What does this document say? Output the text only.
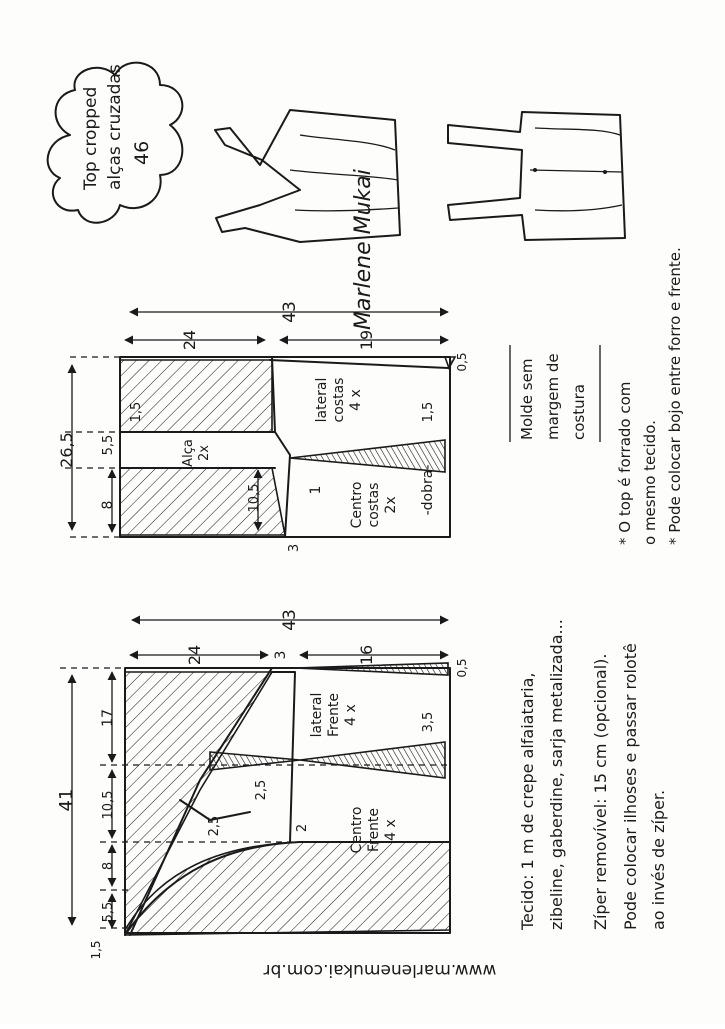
Top cropped alças cruzadas 46
Marlene Mukai
43
24	19
26,5
8
5,5
1,5
10,5
0,5
1,5
3
1
Alça 2x
lateral costas 4 x
Centro costas 2x -dobra-
43
24	3	16
41
17
10,5
8
5,5
1,5
0,5
3,5
2,5
2,5	2
lateral Frente 4 x
Centro Frente 4 x	Tecido: 1 m de crepe alfaiataria, zibeline, gaberdine, sarja metalizada... Zíper removível: 15 cm (opcional). Pode colocar ilhoses e passar rolotê ao invés de zíper.
Molde sem margem de costura * O top é forrado com o mesmo tecido. * Pode colocar bojo entre forro e frente.
www.marlenemukai.com.br
